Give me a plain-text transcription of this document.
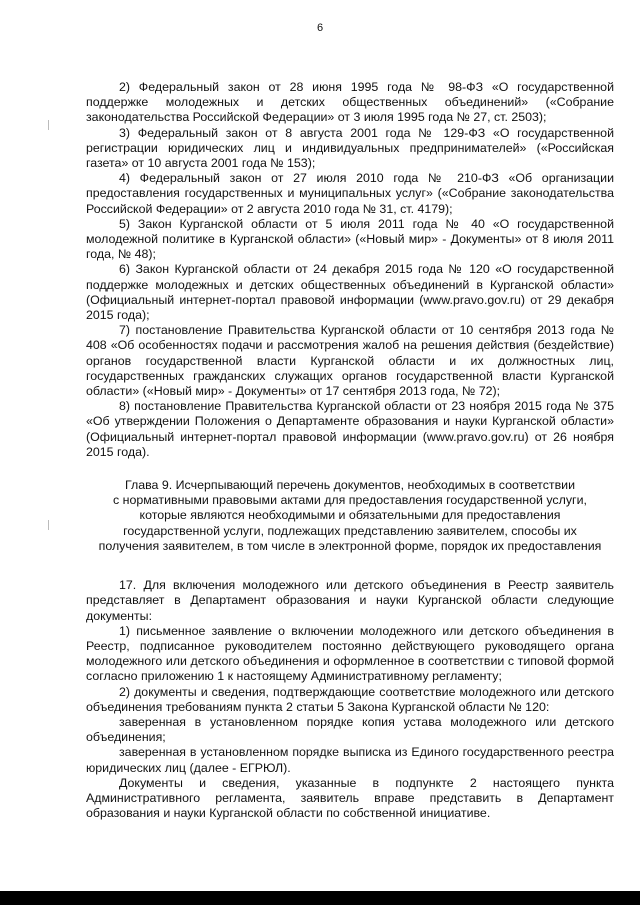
6

2) Федеральный закон от 28 июня 1995 года № 98-ФЗ «О государственной поддержке молодежных и детских общественных объединений» («Собрание законодательства Российской Федерации» от 3 июля 1995 года № 27, ст. 2503);

3) Федеральный закон от 8 августа 2001 года № 129-ФЗ «О государственной регистрации юридических лиц и индивидуальных предпринимателей» («Российская газета» от 10 августа 2001 года № 153);

4) Федеральный закон от 27 июля 2010 года № 210-ФЗ «Об организации предоставления государственных и муниципальных услуг» («Собрание законодательства Российской Федерации» от 2 августа 2010 года № 31, ст. 4179);

5) Закон Курганской области от 5 июля 2011 года № 40 «О государственной молодежной политике в Курганской области» («Новый мир» - Документы» от 8 июля 2011 года, № 48);

6) Закон Курганской области от 24 декабря 2015 года № 120 «О государственной поддержке молодежных и детских общественных объединений в Курганской области» (Официальный интернет-портал правовой информации (www.pravo.gov.ru) от 29 декабря 2015 года);

7) постановление Правительства Курганской области от 10 сентября 2013 года № 408 «Об особенностях подачи и рассмотрения жалоб на решения действия (бездействие) органов государственной власти Курганской области и их должностных лиц, государственных гражданских служащих органов государственной власти Курганской области» («Новый мир» - Документы» от 17 сентября 2013 года, № 72);

8) постановление Правительства Курганской области от 23 ноября 2015 года № 375 «Об утверждении Положения о Департаменте образования и науки Курганской области» (Официальный интернет-портал правовой информации (www.pravo.gov.ru) от 26 ноября 2015 года).

Глава 9. Исчерпывающий перечень документов, необходимых в соответствии
с нормативными правовыми актами для предоставления государственной услуги,
которые являются необходимыми и обязательными для предоставления
государственной услуги, подлежащих представлению заявителем, способы их
получения заявителем, в том числе в электронной форме, порядок их предоставления

17. Для включения молодежного или детского объединения в Реестр заявитель представляет в Департамент образования и науки Курганской области следующие документы:

1) письменное заявление о включении молодежного или детского объединения в Реестр, подписанное руководителем постоянно действующего руководящего органа молодежного или детского объединения и оформленное в соответствии с типовой формой согласно приложению 1 к настоящему Административному регламенту;

2) документы и сведения, подтверждающие соответствие молодежного или детского объединения требованиям пункта 2 статьи 5 Закона Курганской области № 120:

заверенная в установленном порядке копия устава молодежного или детского объединения;

заверенная в установленном порядке выписка из Единого государственного реестра юридических лиц (далее - ЕГРЮЛ).

Документы и сведения, указанные в подпункте 2 настоящего пункта Административного регламента, заявитель вправе представить в Департамент образования и науки Курганской области по собственной инициативе.
